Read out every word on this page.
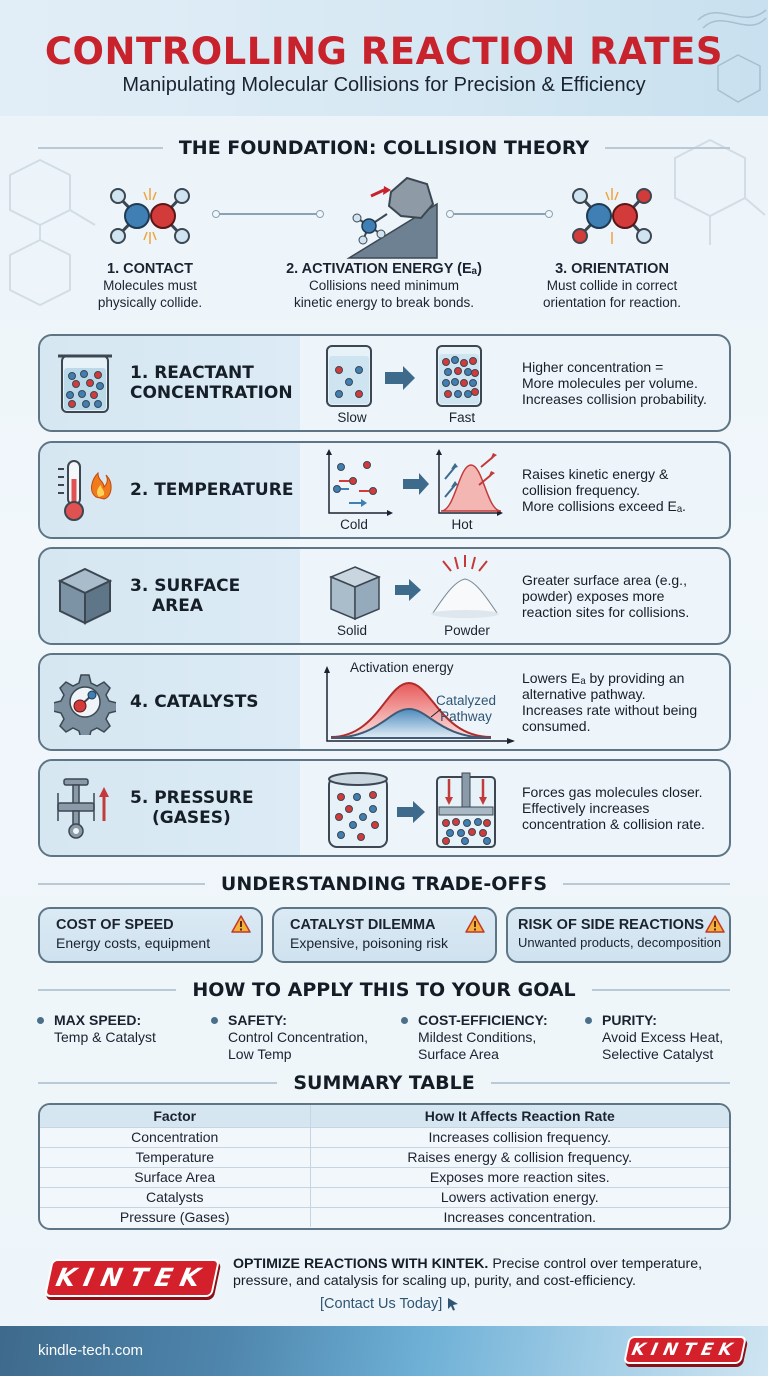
CONTROLLING REACTION RATES
Manipulating Molecular Collisions for Precision & Efficiency
THE FOUNDATION: COLLISION THEORY
1. CONTACT
Molecules must
physically collide.
2. ACTIVATION ENERGY (Eₐ)
Collisions need minimum
kinetic energy to break bonds.
3. ORIENTATION
Must collide in correct
orientation for reaction.
1. REACTANT
CONCENTRATION
Slow	Fast
Higher concentration =
More molecules per volume.
Increases collision probability.
2. TEMPERATURE
Cold	Hot
Raises kinetic energy &
collision frequency.
More collisions exceed Eₐ.
3. SURFACE
AREA
Solid	Powder
Greater surface area (e.g.,
powder) exposes more
reaction sites for collisions.
4. CATALYSTS
Activation energy
Catalyzed
Pathway
Lowers Eₐ by providing an
alternative pathway.
Increases rate without being
consumed.
5. PRESSURE
(GASES)
Forces gas molecules closer.
Effectively increases
concentration & collision rate.
UNDERSTANDING TRADE-OFFS
COST OF SPEED
Energy costs, equipment
CATALYST DILEMMA
Expensive, poisoning risk
RISK OF SIDE REACTIONS
Unwanted products, decomposition
HOW TO APPLY THIS TO YOUR GOAL
MAX SPEED:
Temp & Catalyst
SAFETY:
Control Concentration,
Low Temp
COST-EFFICIENCY:
Mildest Conditions,
Surface Area
PURITY:
Avoid Excess Heat,
Selective Catalyst
SUMMARY TABLE
Factor	How It Affects Reaction Rate
Concentration	Increases collision frequency.
Temperature	Raises energy & collision frequency.
Surface Area	Exposes more reaction sites.
Catalysts	Lowers activation energy.
Pressure (Gases)	Increases concentration.
KINTEK	OPTIMIZE REACTIONS WITH KINTEK. Precise control over temperature, pressure, and catalysis for scaling up, purity, and cost-efficiency.
[Contact Us Today]
kindle-tech.com	KINTEK
